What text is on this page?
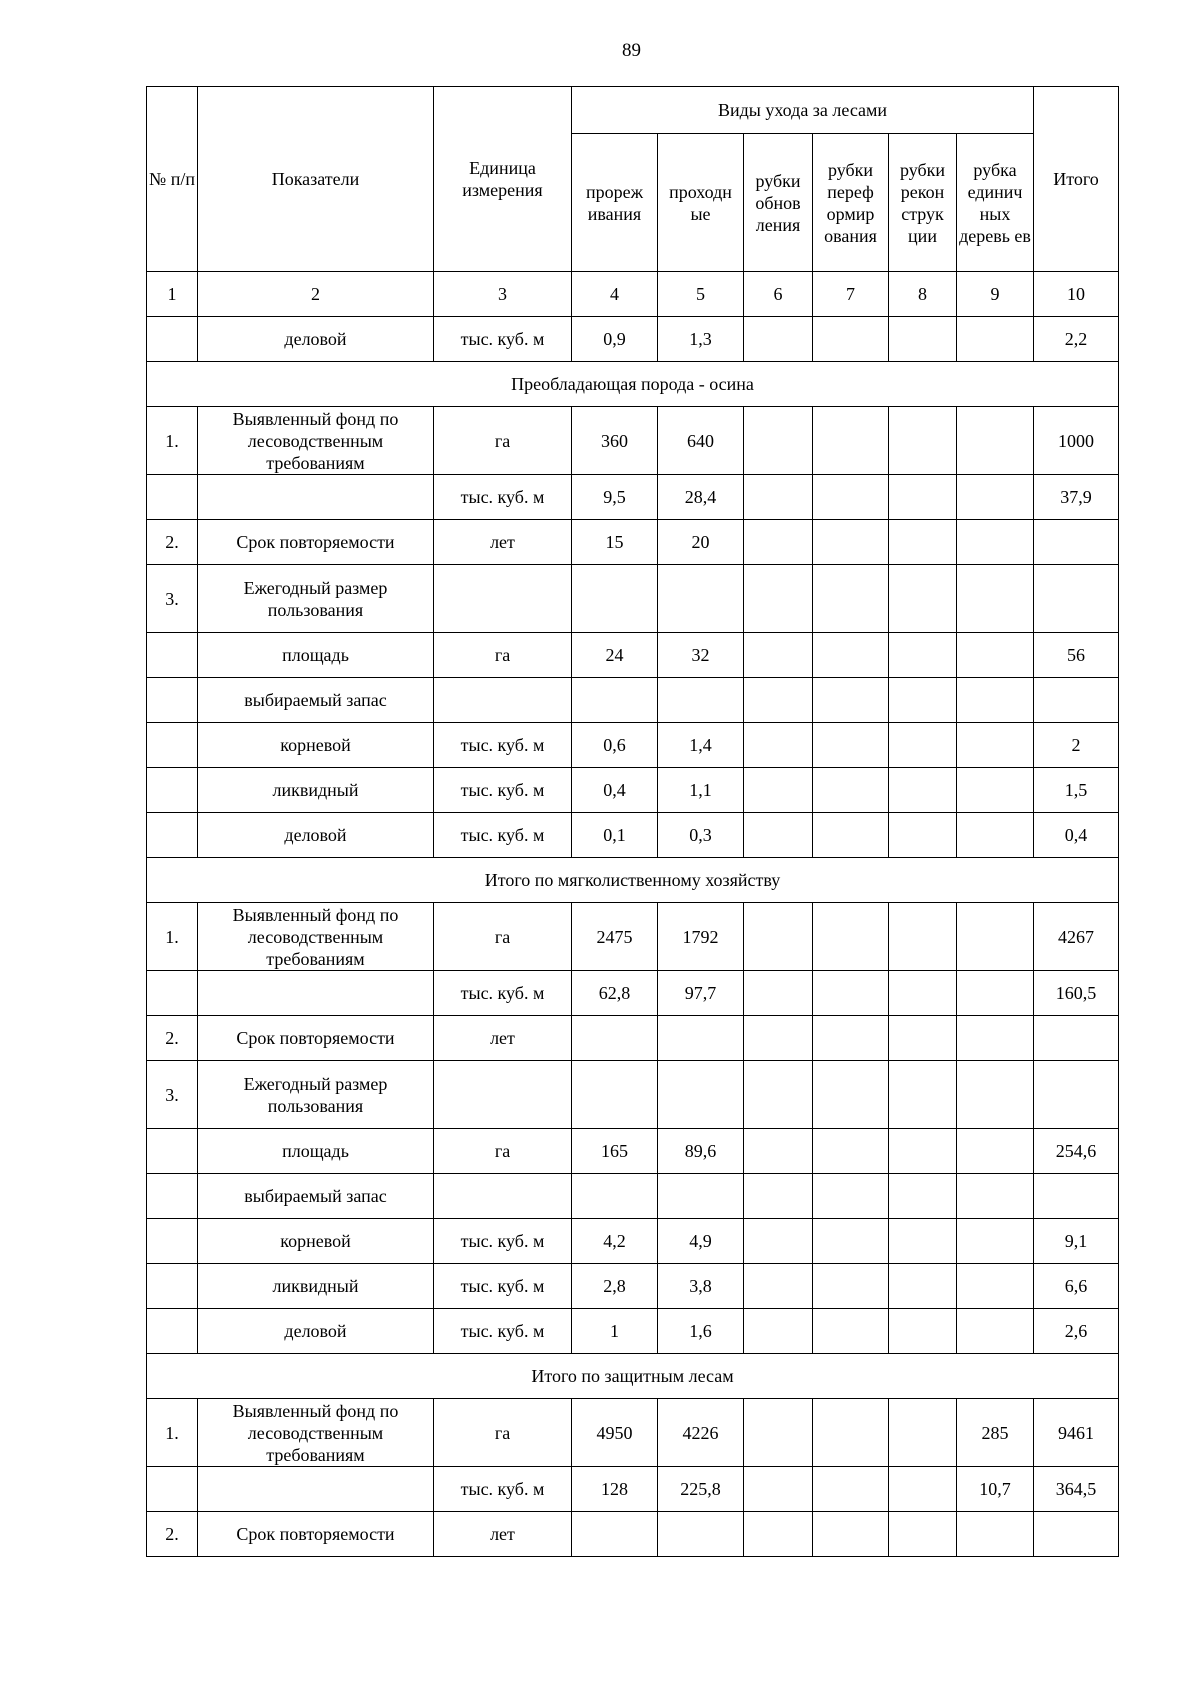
89
№ п/п	Показатели	Единица измерения	Виды ухода за лесами						Итого
			прореж ивания	проходн ые	рубки обнов ления	рубки переф ормир ования	рубки рекон струк ции	рубка единич ных деревь ев	
1	2	3	4	5	6	7	8	9	10
	деловой	тыс. куб. м	0,9	1,3					2,2
Преобладающая порода - осина									
1.	Выявленный фонд по лесоводственным требованиям	га	360	640					1000
		тыс. куб. м	9,5	28,4					37,9
2.	Срок повторяемости	лет	15	20					
3.	Ежегодный размер пользования								
	площадь	га	24	32					56
	выбираемый запас								
	корневой	тыс. куб. м	0,6	1,4					2
	ликвидный	тыс. куб. м	0,4	1,1					1,5
	деловой	тыс. куб. м	0,1	0,3					0,4
Итого по мягколиственному хозяйству									
1.	Выявленный фонд по лесоводственным требованиям	га	2475	1792					4267
		тыс. куб. м	62,8	97,7					160,5
2.	Срок повторяемости	лет							
3.	Ежегодный размер пользования								
	площадь	га	165	89,6					254,6
	выбираемый запас								
	корневой	тыс. куб. м	4,2	4,9					9,1
	ликвидный	тыс. куб. м	2,8	3,8					6,6
	деловой	тыс. куб. м	1	1,6					2,6
Итого по защитным лесам									
1.	Выявленный фонд по лесоводственным требованиям	га	4950	4226				285	9461
		тыс. куб. м	128	225,8				10,7	364,5
2.	Срок повторяемости	лет							
